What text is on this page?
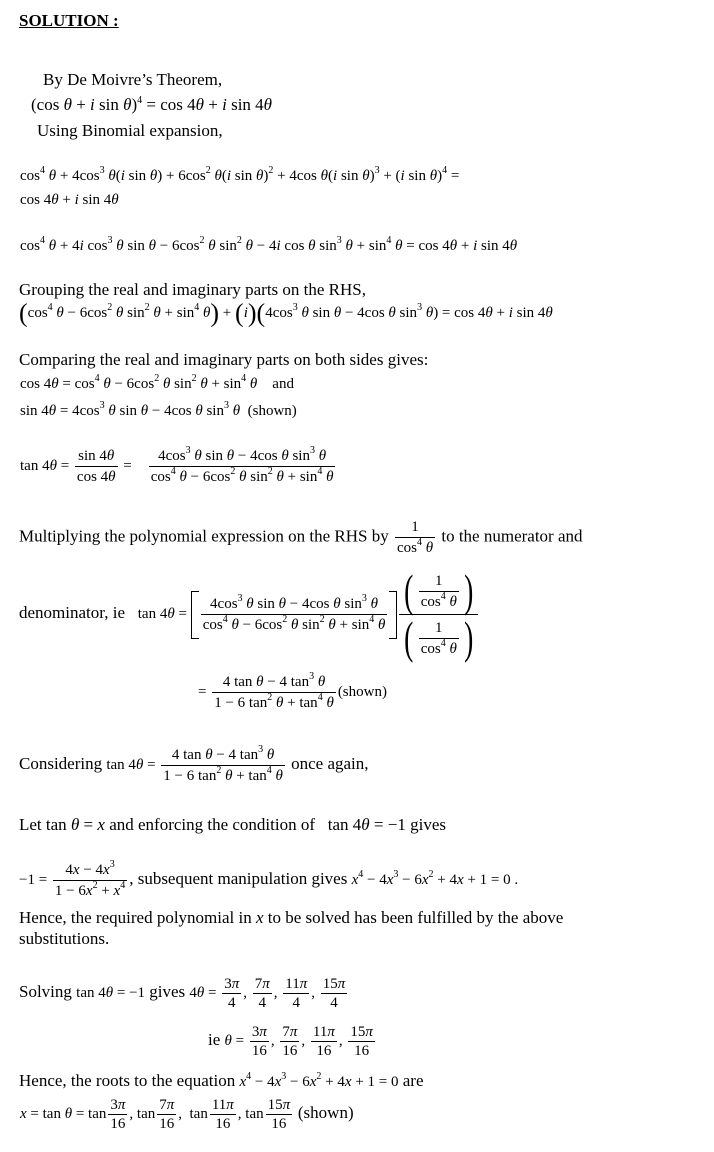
SOLUTION :
By De Moivre’s Theorem,
(cos θ + i sin θ)$^4$ = cos 4θ + i sin 4θ
Using Binomial expansion,
$\cos^4 \theta + 4\cos^3$ θ(i $\sin \theta) + 6\cos^2$ θ(i sin θ)$^2$ + 4cos θ(i sin θ)$^3$ + (i sin θ)$^4$ =
cos 4θ + i sin 4θ
$\cos^4 \theta + 4i$ $\cos^3 \theta$ $\sin \theta - 6\cos^2$ θ $\sin^2 \theta - 4i$ cos θ $\sin^3 \theta + \sin^4 \theta = \cos 4\theta + i$ sin 4θ
Grouping the real and imaginary parts on the RHS,
($\cos^4$ $\theta - 6\cos^2$ θ $\sin^2 \theta + \sin^4 \theta) + (i)(4\cos^3$ θ sin θ − 4cos θ $\sin^3 \theta) = \cos 4\theta + i$ sin 4θ
Comparing the real and imaginary parts on both sides gives:
$\cos 4\theta = \cos^4 \theta - 6\cos^2$ θ $\sin^2 \theta + \sin^4 \theta$ and
$\sin 4\theta = 4\cos^3$ θ sin θ − 4cos θ $\sin^3 \theta$ (shown)
$\tan 4\theta = \frac{\sin 4\theta}{\cos 4\theta} = \frac{4\cos^3 \theta \sin \theta - 4\cos \theta \sin^3 \theta}{\cos^4 \theta - 6\cos^2 \theta \sin^2 \theta + \sin^4 \theta}$
Multiplying the polynomial expression on the RHS by $\frac{1}{\cos^4 \theta}$ to the numerator and
denominator, ie $\tan 4\theta = \frac{4\cos^3 \theta \sin \theta - 4\cos \theta \sin^3 \theta}{\cos^4 \theta - 6\cos^2 \theta \sin^2 \theta + \sin^4 \theta} \frac{( \frac{1}{\cos^4 \theta} )}{( \frac{1}{\cos^4 \theta} )}$
= $\frac{4 \tan \theta - 4 \tan^3 \theta}{1 - 6 \tan^2 \theta + \tan^4 \theta}$ (shown)
Considering $\tan 4\theta = \frac{4 \tan \theta - 4 \tan^3 \theta}{1 - 6 \tan^2 \theta + \tan^4 \theta}$ once again,
Let tan θ = x and enforcing the condition of   tan 4θ = −1 gives
$-1 = \frac{4x - 4x^3}{1 - 6x^2 + x^4}$ , subsequent manipulation gives $x^4 - 4x^3 - 6x^2 + 4x + 1 = 0$ .
Hence, the required polynomial in x to be solved has been fulfilled by the above
substitutions.
Solving tan 4θ = −1 gives $4\theta = \frac{3\pi}{4}$ , $\frac{7\pi}{4}$ , $\frac{11\pi}{4}$ , $\frac{15\pi}{4}$
ie $\theta = \frac{3\pi}{16}$ , $\frac{7\pi}{16}$ , $\frac{11\pi}{16}$ , $\frac{15\pi}{16}$
Hence, the roots to the equation $x^4 - 4x^3 - 6x^2 + 4x + 1 = 0$ are
$x = \tan \theta = \tan \frac{3\pi}{16}$ , $\tan \frac{7\pi}{16}$ ,  $\tan \frac{11\pi}{16}$ , $\tan \frac{15\pi}{16}$ (shown)
